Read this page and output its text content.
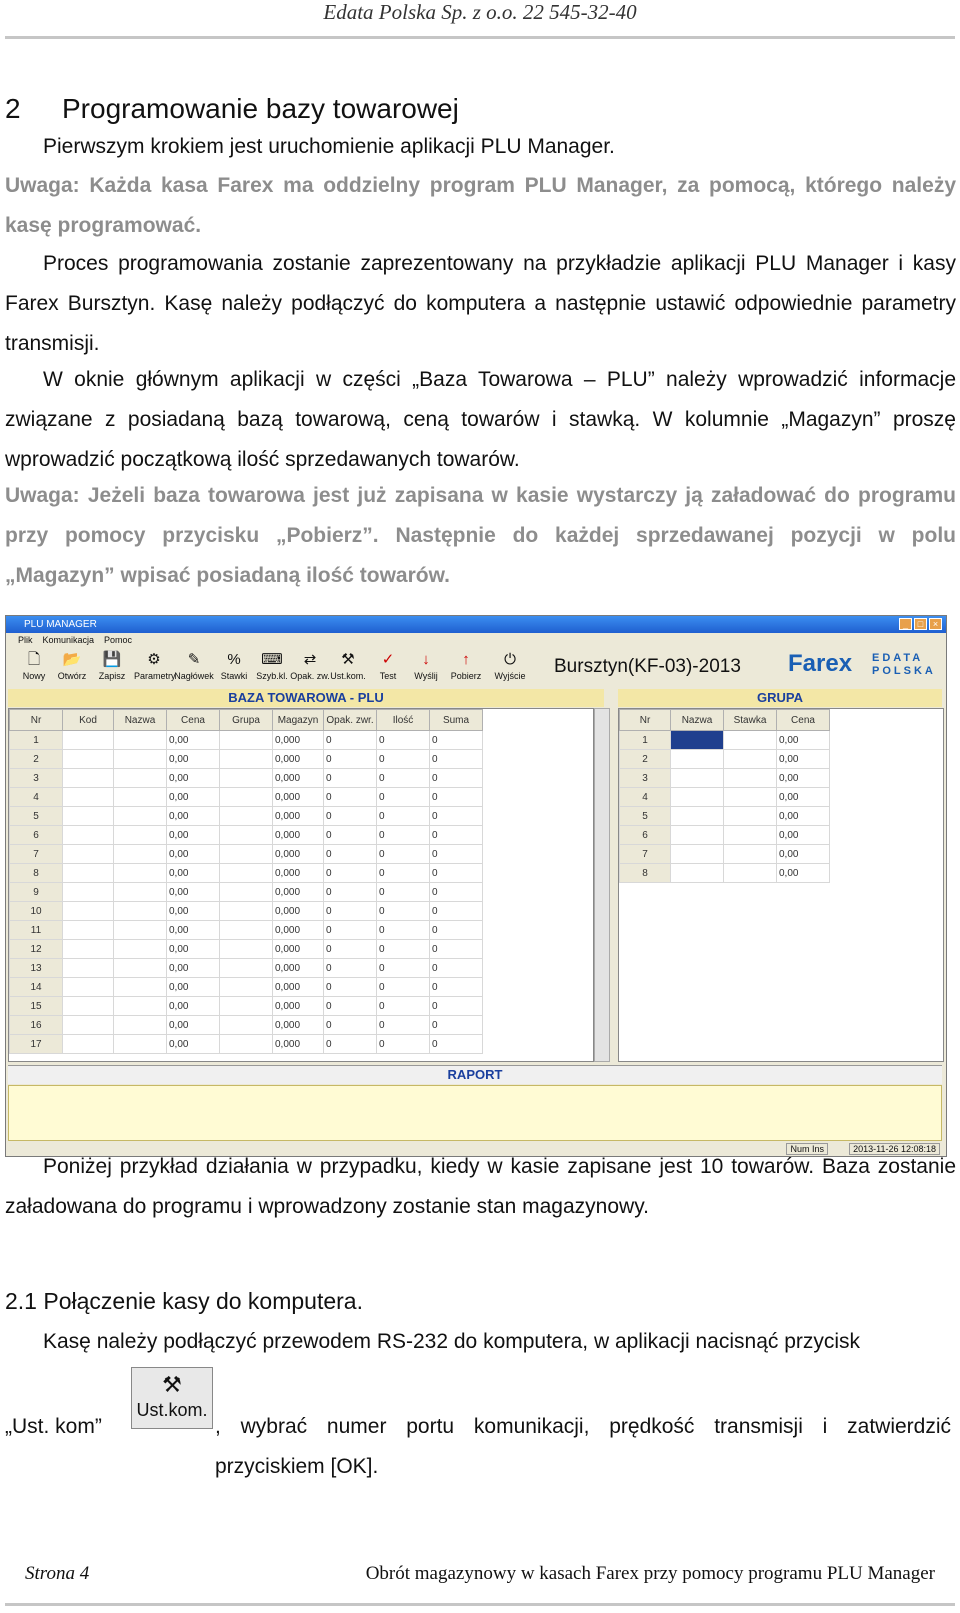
Edata Polska Sp. z o.o. 22 545-32-40
2 Programowanie bazy towarowej
Pierwszym krokiem jest uruchomienie aplikacji PLU Manager.
Uwaga: Każda kasa Farex ma oddzielny program PLU Manager, za pomocą, którego należy kasę programować.
Proces programowania zostanie zaprezentowany na przykładzie aplikacji PLU Manager i kasy Farex Bursztyn. Kasę należy podłączyć do komputera a następnie ustawić odpowiednie parametry transmisji.
W oknie głównym aplikacji w części „Baza Towarowa – PLU” należy wprowadzić informacje związane z posiadaną bazą towarową, ceną towarów i stawką. W kolumnie „Magazyn” proszę wprowadzić początkową ilość sprzedawanych towarów.
Uwaga: Jeżeli baza towarowa jest już zapisana w kasie wystarczy ją załadować do programu przy pomocy przycisku „Pobierz”. Następnie do każdej sprzedawanej pozycji w polu „Magazyn” wpisać posiadaną ilość towarów.
PLU MANAGER	_	□	×
Plik Komunikacja Pomoc
🗋
Nowy
📂
Otwórz
💾
Zapisz
⚙
Parametry
✎
Nagłówek
%
Stawki
⌨
Szyb.kl.
⇄
Opak. zw.
⚒
Ust.kom.
✓
Test
↓
Wyślij
↑
Pobierz
⏻
Wyjście Bursztyn(KF-03)-2013 Farex EDATA POLSKA
BAZA TOWAROWA - PLU	GRUPA
Nr	Kod	Nazwa	Cena	Grupa	Magazyn	Opak. zwr.	Ilość	Suma
1			0,00		0,000	0	0	0
2			0,00		0,000	0	0	0
3			0,00		0,000	0	0	0
4			0,00		0,000	0	0	0
5			0,00		0,000	0	0	0
6			0,00		0,000	0	0	0
7			0,00		0,000	0	0	0
8			0,00		0,000	0	0	0
9			0,00		0,000	0	0	0
10			0,00		0,000	0	0	0
11			0,00		0,000	0	0	0
12			0,00		0,000	0	0	0
13			0,00		0,000	0	0	0
14			0,00		0,000	0	0	0
15			0,00		0,000	0	0	0
16			0,00		0,000	0	0	0
17			0,00		0,000	0	0	0
Nr	Nazwa	Stawka	Cena
1			0,00
2			0,00
3			0,00
4			0,00
5			0,00
6			0,00
7			0,00
8			0,00
RAPORT
Num Ins	2013-11-26 12:08:18
Poniżej przykład działania w przypadku, kiedy w kasie zapisane jest 10 towarów. Baza zostanie załadowana do programu i wprowadzony zostanie stan magazynowy.
2.1 Połączenie kasy do komputera.
Kasę należy podłączyć przewodem RS-232 do komputera, w aplikacji nacisnąć przycisk
„Ust. kom”
⚒
Ust.kom.
, wybrać numer portu komunikacji, prędkość transmisji i zatwierdzić przyciskiem [OK].
Strona 4	Obrót magazynowy w kasach Farex przy pomocy programu PLU Manager
